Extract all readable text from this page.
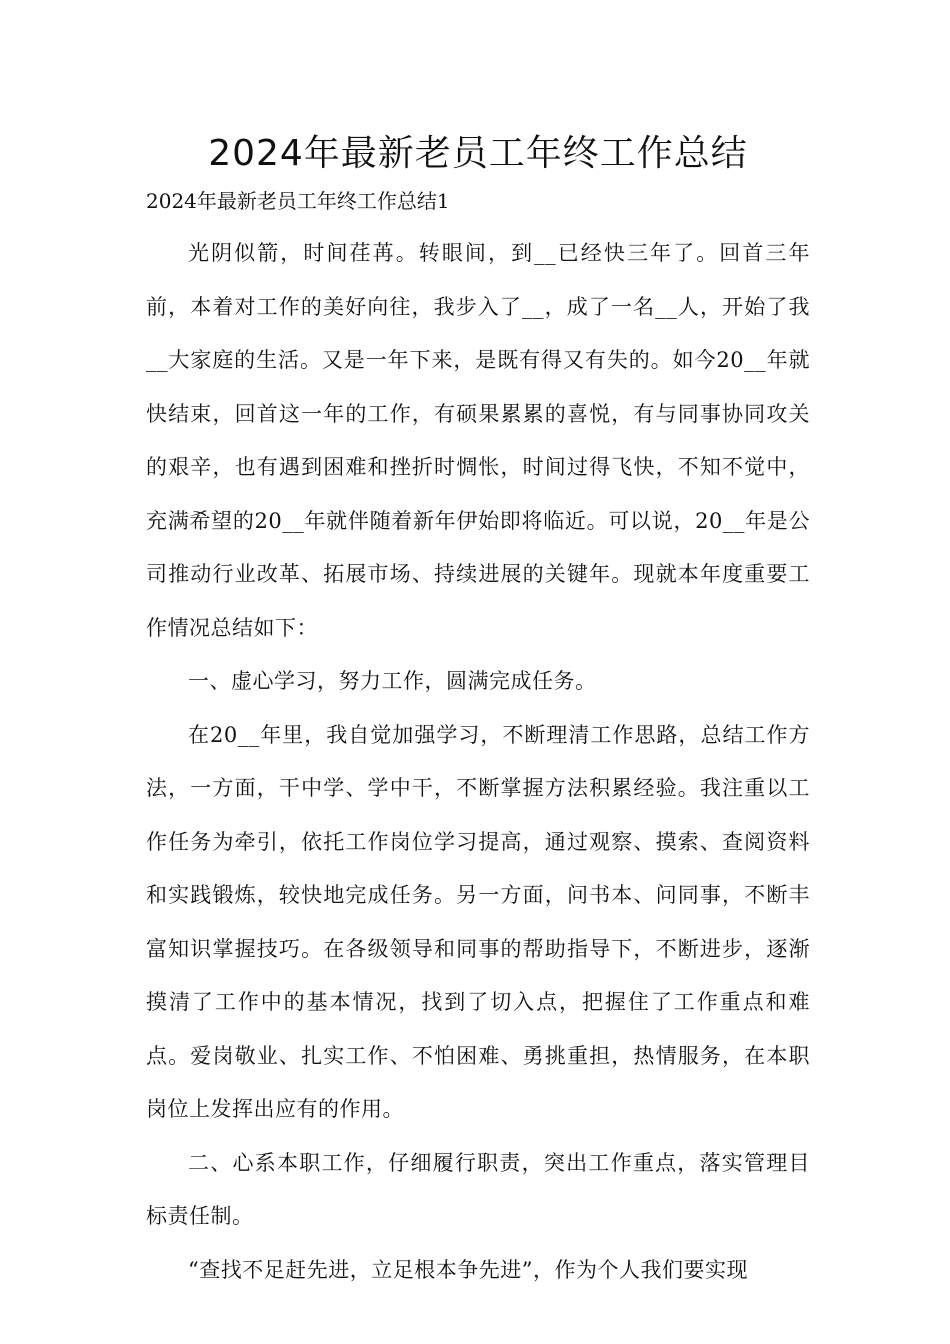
2024年最新老员工年终工作总结
2024年最新老员工年终工作总结1

光阴似箭，时间荏苒。转眼间，到__已经快三年了。回首三年前，本着对工作的美好向往，我步入了__，成了一名__人，开始了我__大家庭的生活。又是一年下来，是既有得又有失的。如今20__年就快结束，回首这一年的工作，有硕果累累的喜悦，有与同事协同攻关的艰辛，也有遇到困难和挫折时惆怅，时间过得飞快，不知不觉中，充满希望的20__年就伴随着新年伊始即将临近。可以说，20__年是公司推动行业改革、拓展市场、持续进展的关键年。现就本年度重要工作情况总结如下：

一、虚心学习，努力工作，圆满完成任务。

在20__年里，我自觉加强学习，不断理清工作思路，总结工作方法，一方面，干中学、学中干，不断掌握方法积累经验。我注重以工作任务为牵引，依托工作岗位学习提高，通过观察、摸索、查阅资料和实践锻炼，较快地完成任务。另一方面，问书本、问同事，不断丰富知识掌握技巧。在各级领导和同事的帮助指导下，不断进步，逐渐摸清了工作中的基本情况，找到了切入点，把握住了工作重点和难点。爱岗敬业、扎实工作、不怕困难、勇挑重担，热情服务，在本职岗位上发挥出应有的作用。

二、心系本职工作，仔细履行职责，突出工作重点，落实管理目标责任制。

“查找不足赶先进，立足根本争先进”，作为个人我们要实现
